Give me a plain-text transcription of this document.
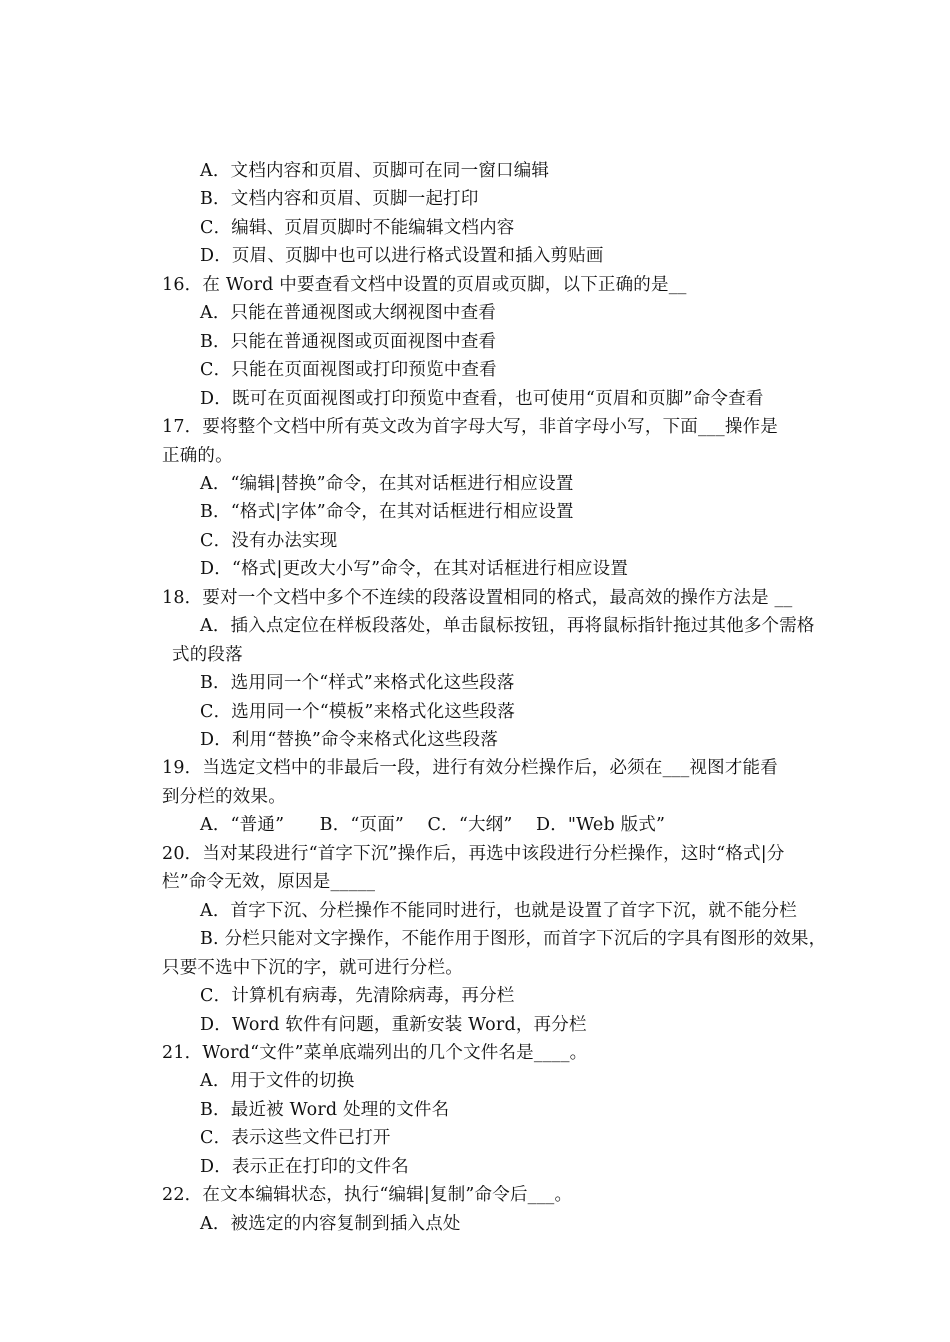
A．文档内容和页眉、页脚可在同一窗口编辑
B．文档内容和页眉、页脚一起打印
C．编辑、页眉页脚时不能编辑文档内容
D．页眉、页脚中也可以进行格式设置和插入剪贴画
16．在 Word 中要查看文档中设置的页眉或页脚，以下正确的是__
A．只能在普通视图或大纲视图中查看
B．只能在普通视图或页面视图中查看
C．只能在页面视图或打印预览中查看
D．既可在页面视图或打印预览中查看，也可使用“页眉和页脚”命令查看
17．要将整个文档中所有英文改为首字母大写，非首字母小写，下面___操作是
正确的。
A．“编辑|替换”命令，在其对话框进行相应设置
B．“格式|字体”命令，在其对话框进行相应设置
C．没有办法实现
D．“格式|更改大小写”命令，在其对话框进行相应设置
18．要对一个文档中多个不连续的段落设置相同的格式，最高效的操作方法是 __
A．插入点定位在样板段落处，单击鼠标按钮，再将鼠标指针拖过其他多个需格
式的段落
B．选用同一个“样式”来格式化这些段落
C．选用同一个“模板”来格式化这些段落
D．利用“替换”命令来格式化这些段落
19．当选定文档中的非最后一段，进行有效分栏操作后，必须在___视图才能看
到分栏的效果。
A．“普通”　　B．“页面”　 C．“大纲”　 D．"Web 版式”
20．当对某段进行“首字下沉”操作后，再选中该段进行分栏操作，这时“格式|分
栏”命令无效，原因是_____
A．首字下沉、分栏操作不能同时进行，也就是设置了首字下沉，就不能分栏
B. 分栏只能对文字操作，不能作用于图形，而首字下沉后的字具有图形的效果，
只要不选中下沉的字，就可进行分栏。
C．计算机有病毒，先清除病毒，再分栏
D．Word 软件有问题，重新安装 Word，再分栏
21．Word“文件”菜单底端列出的几个文件名是____。
A．用于文件的切换
B．最近被 Word 处理的文件名
C．表示这些文件已打开
D．表示正在打印的文件名
22．在文本编辑状态，执行“编辑|复制”命令后___。
A．被选定的内容复制到插入点处
